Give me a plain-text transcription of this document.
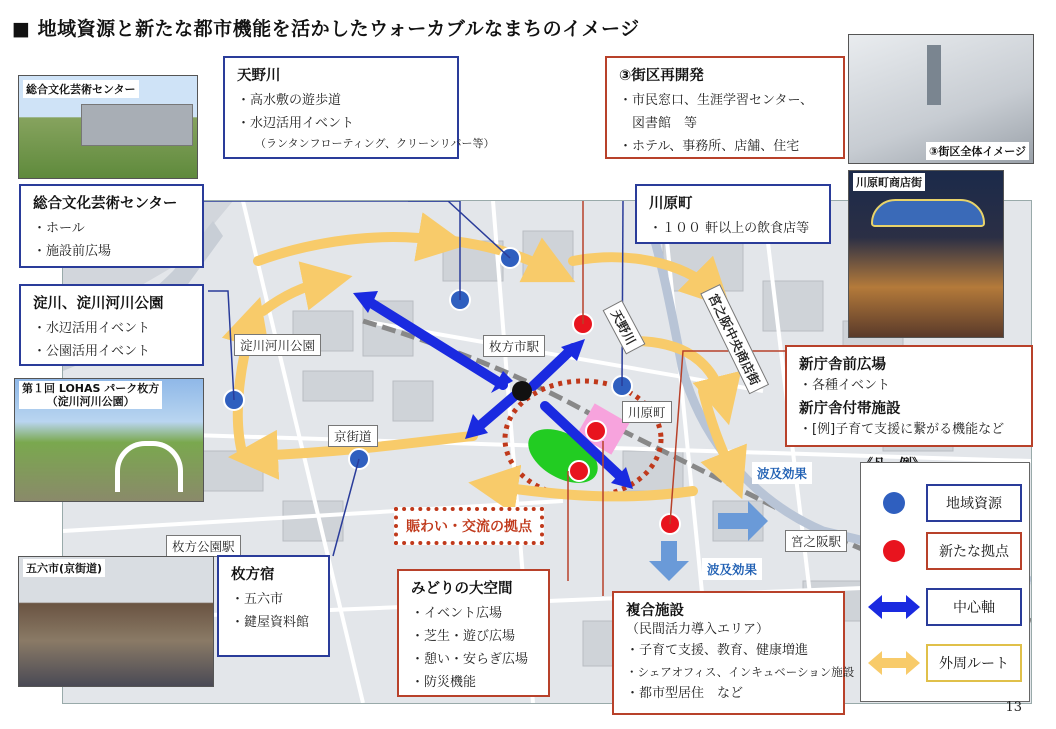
■ 地域資源と新たな都市機能を活かしたウォーカブルなまちのイメージ
淀川河川公園
京街道
枚方市駅
川原町
枚方公園駅	宮之阪駅
天野川	宮之阪中央商店街
賑わい・交流の拠点
波及効果
波及効果
総合文化芸術センター
第１回 LOHAS パーク枚方
（淀川河川公園）
五六市(京街道)
③街区全体イメージ
川原町商店街
天野川
・高水敷の遊歩道
・水辺活用イベント
（ランタンフローティング、クリーンリバー等）
総合文化芸術センター
・ホール
・施設前広場
淀川、淀川河川公園
・水辺活用イベント
・公園活用イベント
枚方宿
・五六市
・鍵屋資料館
③街区再開発
・市民窓口、生涯学習センター、
　図書館　等
・ホテル、事務所、店舗、住宅
川原町
・１００ 軒以上の飲食店等
新庁舎前広場
・各種イベント
新庁舎付帯施設
・[例]子育て支援に繋がる機能など
みどりの大空間
・イベント広場
・芝生・遊び広場
・憩い・安らぎ広場
・防災機能
複合施設
（民間活力導入エリア）
・子育て支援、教育、健康増進
・シェアオフィス、インキュベーション施設
・都市型居住　など
地域資源
新たな拠点
中心軸
外周ルート
13
